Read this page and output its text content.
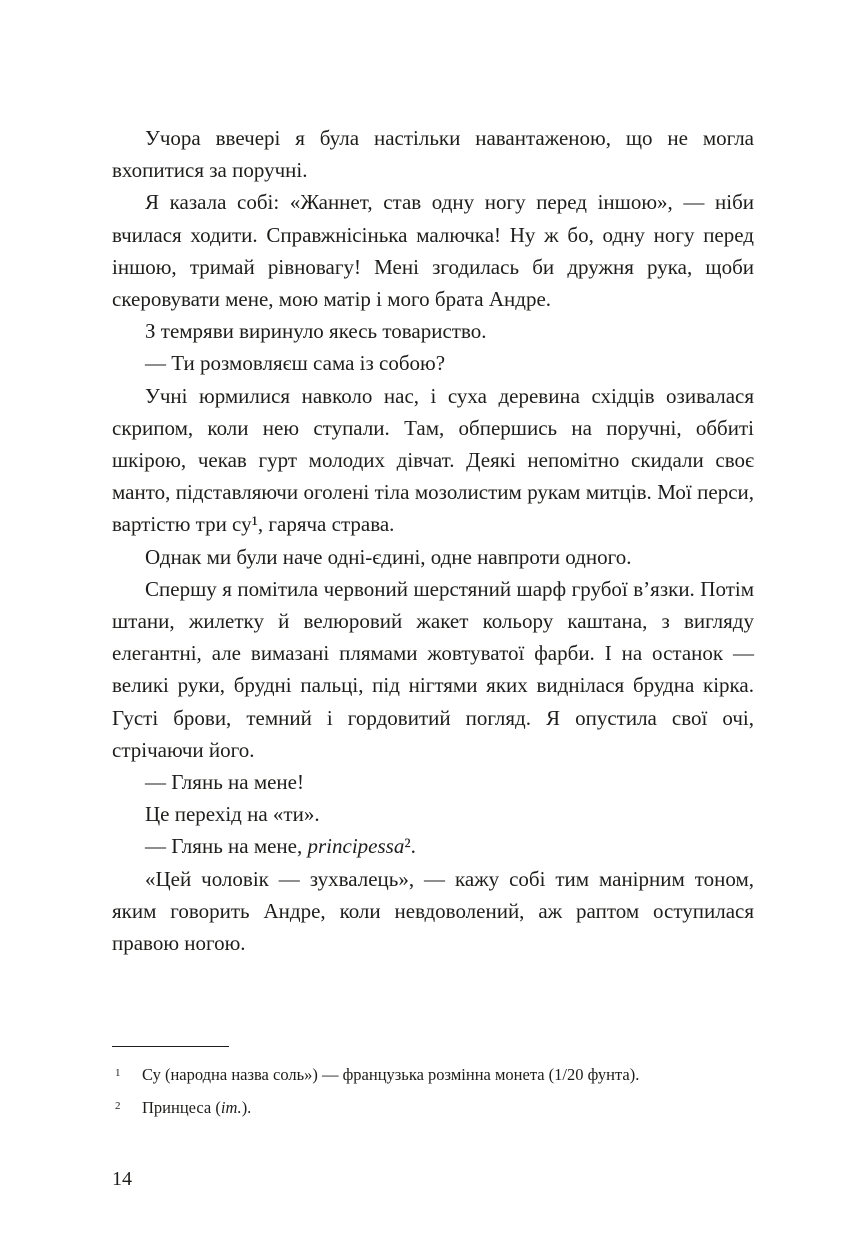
Учора ввечері я була настільки навантаженою, що не могла вхопитися за поручні.

Я казала собі: «Жаннет, став одну ногу перед іншою», — ніби вчилася ходити. Справжнісінька малючка! Ну ж бо, одну ногу перед іншою, тримай рівновагу! Мені згодилась би дружня рука, щоби скеровувати мене, мою матір і мого брата Андре.

З темряви виринуло якесь товариство.

— Ти розмовляєш сама із собою?

Учні юрмилися навколо нас, і суха деревина східців озивалася скрипом, коли нею ступали. Там, обпершись на поручні, оббиті шкірою, чекав гурт молодих дівчат. Деякі непомітно скидали своє манто, підставляючи оголені тіла мозолистим рукам митців. Мої перси, вартістю три су¹, гаряча страва.

Однак ми були наче одні-єдині, одне навпроти одного.

Спершу я помітила червоний шерстяний шарф грубої в’язки. Потім штани, жилетку й велюровий жакет кольору каштана, з вигляду елегантні, але вимазані плямами жовтуватої фарби. І на останок — великі руки, брудні пальці, під нігтями яких виднілася брудна кірка. Густі брови, темний і гордовитий погляд. Я опустила свої очі, стрічаючи його.

— Глянь на мене!

Це перехід на «ти».

— Глянь на мене, principessa².

«Цей чоловік — зухвалець», — кажу собі тим манірним тоном, яким говорить Андре, коли невдоволений, аж раптом оступилася правою ногою.

1 Су (народна назва соль») — французька розмінна монета (1/20 фунта).
2 Принцеса (іт.).
14
